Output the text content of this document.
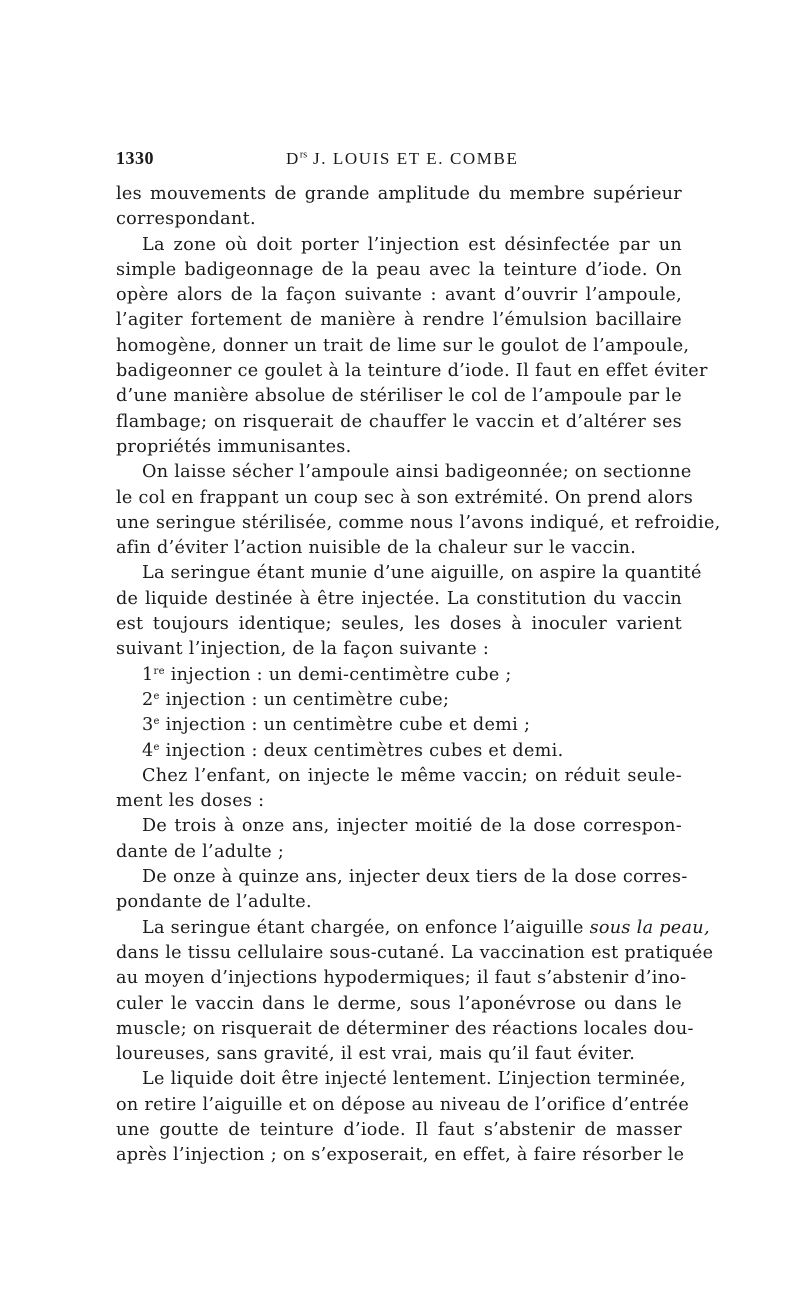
1330	$D^{rs}$ J. LOUIS ET E. COMBE
les mouvements de grande amplitude du membre supérieur
correspondant.
La zone où doit porter l’injection est désinfectée par un
simple badigeonnage de la peau avec la teinture d’iode. On
opère alors de la façon suivante : avant d’ouvrir l’ampoule,
l’agiter fortement de manière à rendre l’émulsion bacillaire
homogène, donner un trait de lime sur le goulot de l’ampoule,
badigeonner ce goulet à la teinture d’iode. Il faut en effet éviter
d’une manière absolue de stériliser le col de l’ampoule par le
flambage; on risquerait de chauffer le vaccin et d’altérer ses
propriétés immunisantes.
On laisse sécher l’ampoule ainsi badigeonnée; on sectionne
le col en frappant un coup sec à son extrémité. On prend alors
une seringue stérilisée, comme nous l’avons indiqué, et refroidie,
afin d’éviter l’action nuisible de la chaleur sur le vaccin.
La seringue étant munie d’une aiguille, on aspire la quantité
de liquide destinée à être injectée. La constitution du vaccin
est toujours identique; seules, les doses à inoculer varient
suivant l’injection, de la façon suivante :
1re injection : un demi-centimètre cube ;
2e injection : un centimètre cube;
3e injection : un centimètre cube et demi ;
4e injection : deux centimètres cubes et demi.
Chez l’enfant, on injecte le même vaccin; on réduit seule-
ment les doses :
De trois à onze ans, injecter moitié de la dose correspon-
dante de l’adulte ;
De onze à quinze ans, injecter deux tiers de la dose corres-
pondante de l’adulte.
La seringue étant chargée, on enfonce l’aiguille sous la peau,
dans le tissu cellulaire sous-cutané. La vaccination est pratiquée
au moyen d’injections hypodermiques; il faut s’abstenir d’ino-
culer le vaccin dans le derme, sous l’aponévrose ou dans le
muscle; on risquerait de déterminer des réactions locales dou-
loureuses, sans gravité, il est vrai, mais qu’il faut éviter.
Le liquide doit être injecté lentement. L’injection terminée,
on retire l’aiguille et on dépose au niveau de l’orifice d’entrée
une goutte de teinture d’iode. Il faut s’abstenir de masser
après l’injection ; on s’exposerait, en effet, à faire résorber le
